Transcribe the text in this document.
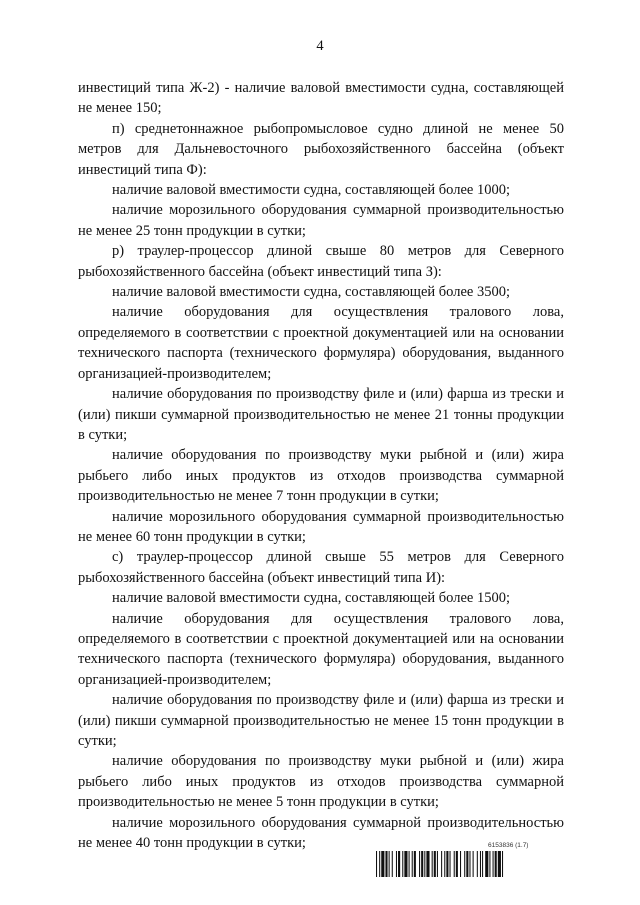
4

инвестиций типа Ж-2) - наличие валовой вместимости судна, составляющей не менее 150;

п) среднетоннажное рыбопромысловое судно длиной не менее 50 метров для Дальневосточного рыбохозяйственного бассейна (объект инвестиций типа Ф):

наличие валовой вместимости судна, составляющей более 1000;

наличие морозильного оборудования суммарной производительностью не менее 25 тонн продукции в сутки;

р) траулер-процессор длиной свыше 80 метров для Северного рыбохозяйственного бассейна (объект инвестиций типа З):

наличие валовой вместимости судна, составляющей более 3500;

наличие оборудования для осуществления тралового лова, определяемого в соответствии с проектной документацией или на основании технического паспорта (технического формуляра) оборудования, выданного организацией-производителем;

наличие оборудования по производству филе и (или) фарша из трески и (или) пикши суммарной производительностью не менее 21 тонны продукции в сутки;

наличие оборудования по производству муки рыбной и (или) жира рыбьего либо иных продуктов из отходов производства суммарной производительностью не менее 7 тонн продукции в сутки;

наличие морозильного оборудования суммарной производительностью не менее 60 тонн продукции в сутки;

с) траулер-процессор длиной свыше 55 метров для Северного рыбохозяйственного бассейна (объект инвестиций типа И):

наличие валовой вместимости судна, составляющей более 1500;

наличие оборудования для осуществления тралового лова, определяемого в соответствии с проектной документацией или на основании технического паспорта (технического формуляра) оборудования, выданного организацией-производителем;

наличие оборудования по производству филе и (или) фарша из трески и (или) пикши суммарной производительностью не менее 15 тонн продукции в сутки;

наличие оборудования по производству муки рыбной и (или) жира рыбьего либо иных продуктов из отходов производства суммарной производительностью не менее 5 тонн продукции в сутки;

наличие морозильного оборудования суммарной производительностью не менее 40 тонн продукции в сутки;	6153836 (1.7)
